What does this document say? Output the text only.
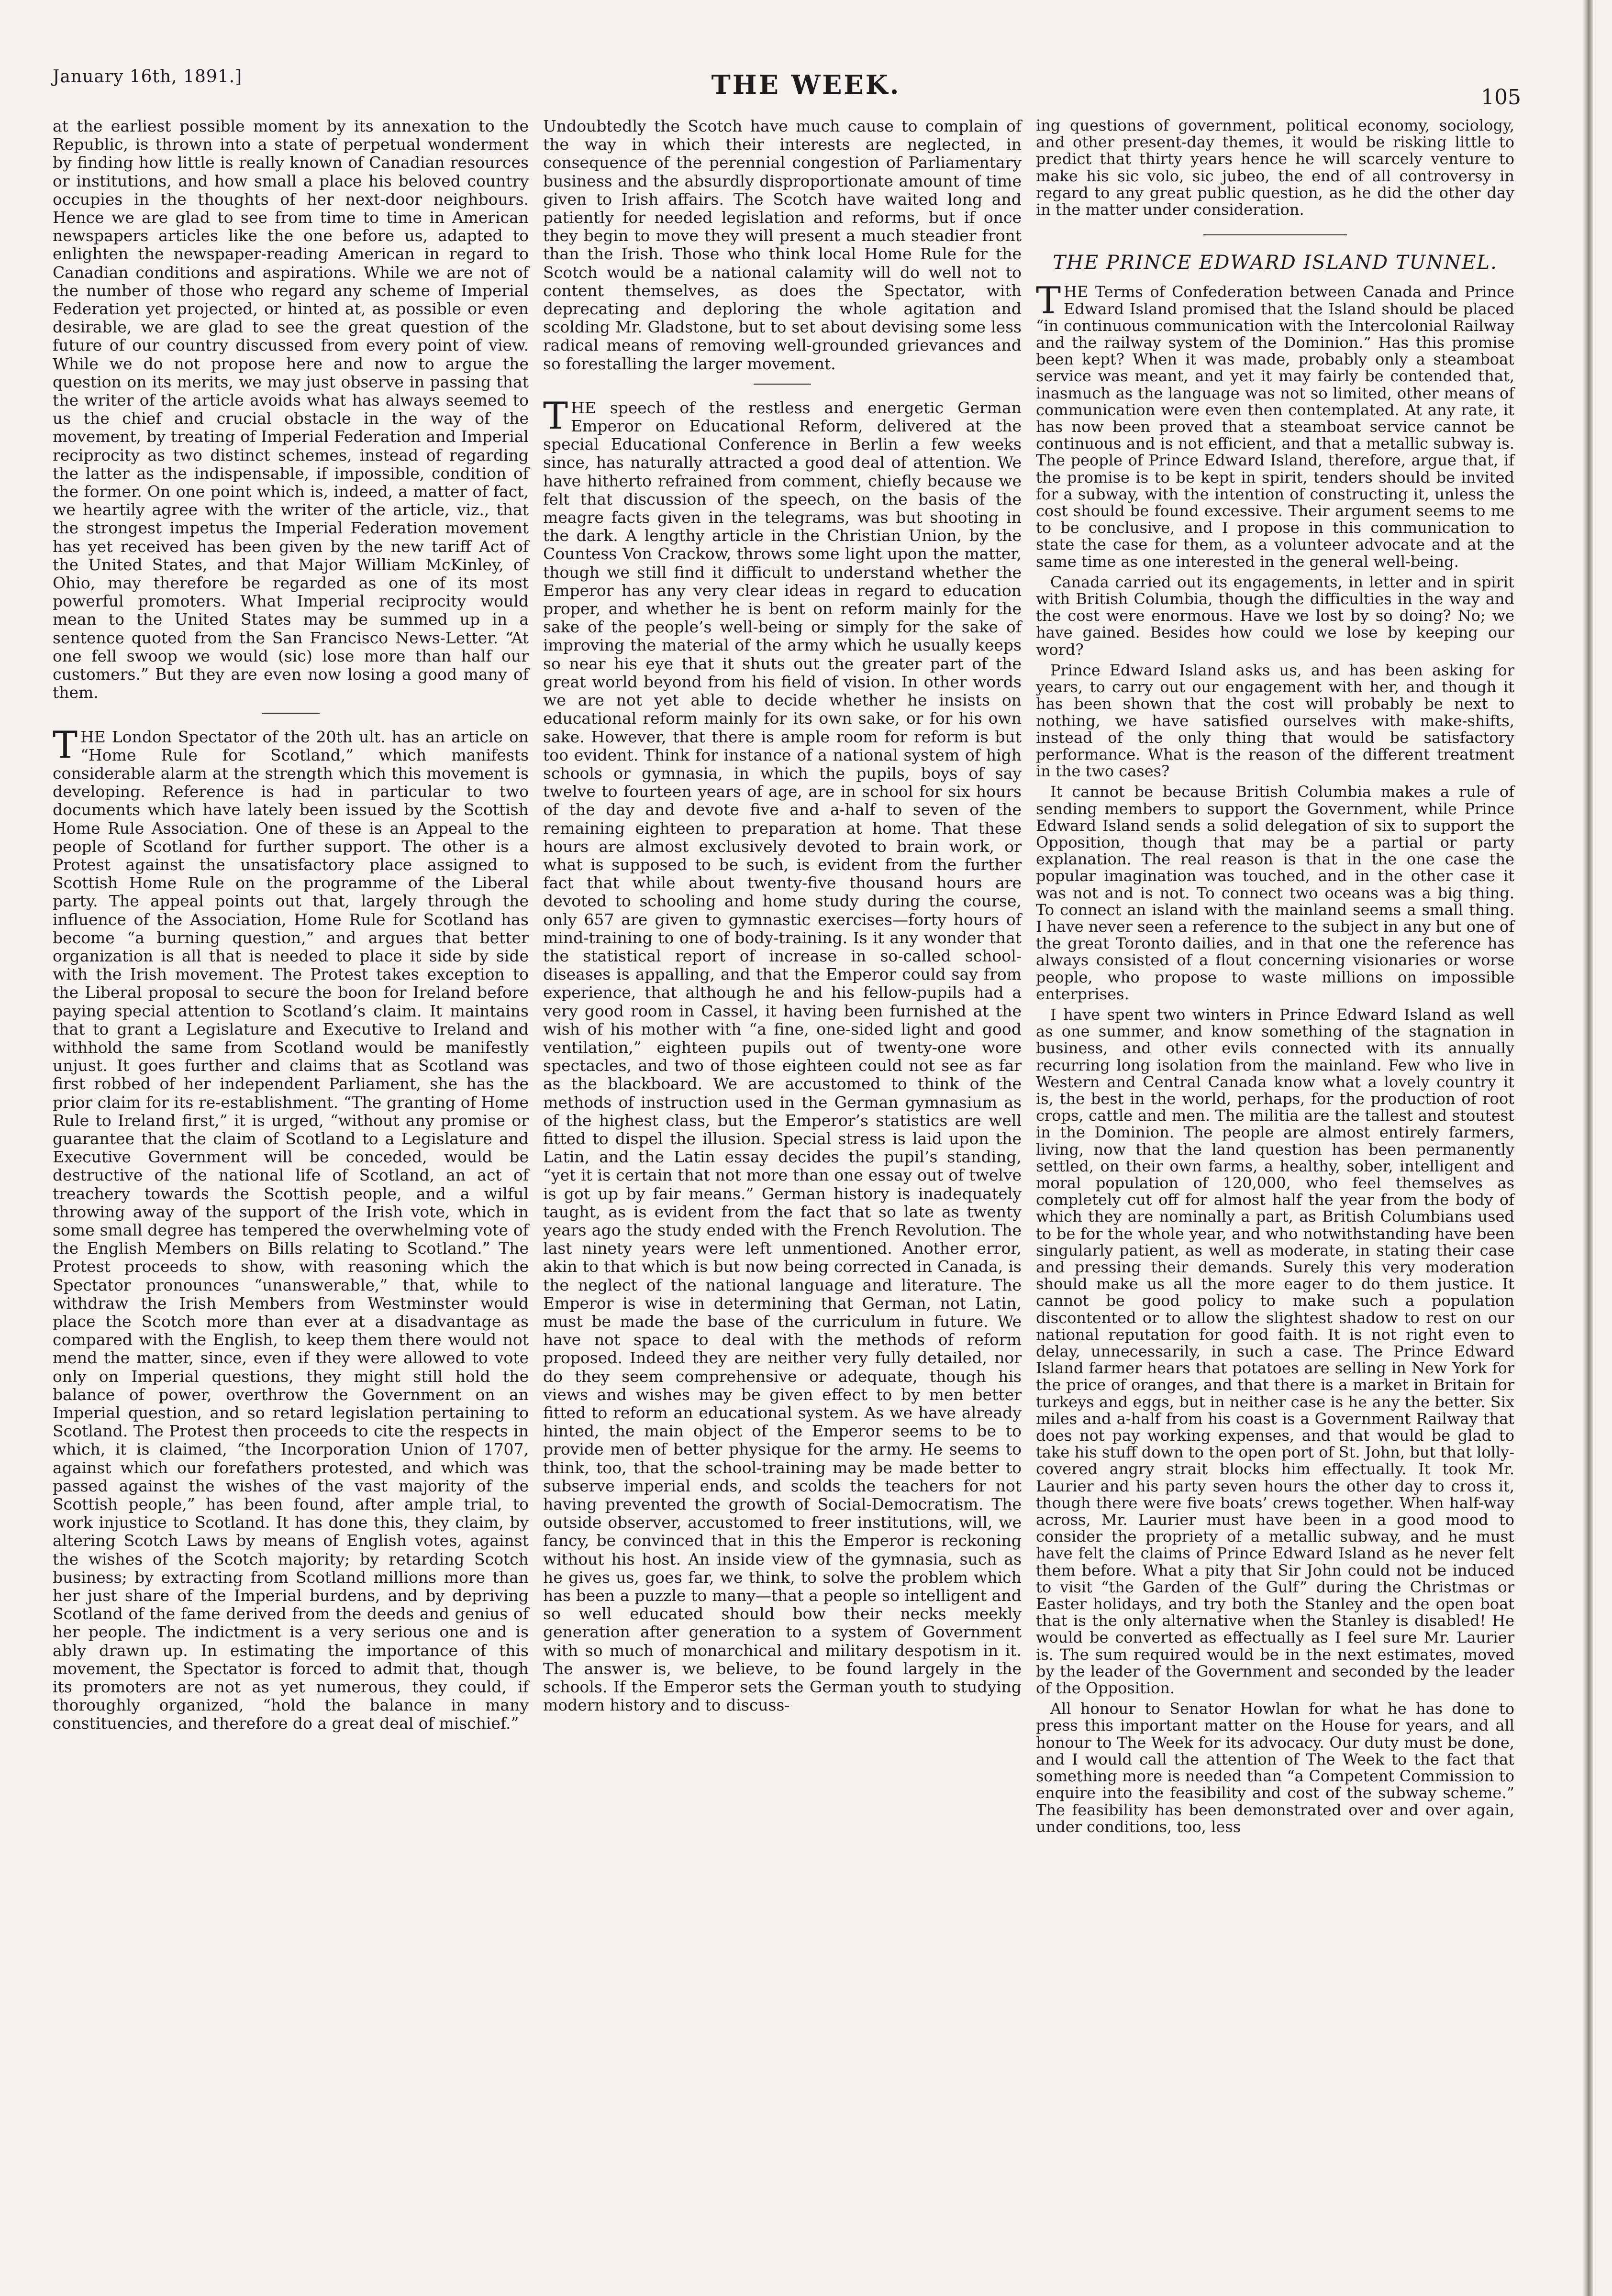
January 16th, 1891.]	THE WEEK.	105

at the earliest possible moment by its annexation to the Republic, is thrown into a state of perpetual wonderment by finding how little is really known of Canadian resources or institutions, and how small a place his beloved country occupies in the thoughts of her next-door neighbours. Hence we are glad to see from time to time in American newspapers articles like the one before us, adapted to enlighten the newspaper-reading American in regard to Canadian conditions and aspirations. While we are not of the number of those who regard any scheme of Imperial Federation yet projected, or hinted at, as possible or even desirable, we are glad to see the great question of the future of our country discussed from every point of view. While we do not propose here and now to argue the question on its merits, we may just observe in passing that the writer of the article avoids what has always seemed to us the chief and crucial obstacle in the way of the movement, by treating of Imperial Federation and Imperial reciprocity as two distinct schemes, instead of regarding the latter as the indispensable, if impossible, condition of the former. On one point which is, indeed, a matter of fact, we heartily agree with the writer of the article, viz., that the strongest impetus the Imperial Federation movement has yet received has been given by the new tariff Act of the United States, and that Major William McKinley, of Ohio, may therefore be regarded as one of its most powerful promoters. What Imperial reciprocity would mean to the United States may be summed up in a sentence quoted from the San Francisco News-Letter. “At one fell swoop we would (sic) lose more than half our customers.” But they are even now losing a good many of them.

THE London Spectator of the 20th ult. has an article on “Home Rule for Scotland,” which manifests considerable alarm at the strength which this movement is developing. Reference is had in particular to two documents which have lately been issued by the Scottish Home Rule Association. One of these is an Appeal to the people of Scotland for further support. The other is a Protest against the unsatisfactory place assigned to Scottish Home Rule on the programme of the Liberal party. The appeal points out that, largely through the influence of the Association, Home Rule for Scotland has become “a burning question,” and argues that better organization is all that is needed to place it side by side with the Irish movement. The Protest takes exception to the Liberal proposal to secure the boon for Ireland before paying special attention to Scotland’s claim. It maintains that to grant a Legislature and Executive to Ireland and withhold the same from Scotland would be manifestly unjust. It goes further and claims that as Scotland was first robbed of her independent Parliament, she has the prior claim for its re-establishment. “The granting of Home Rule to Ireland first,” it is urged, “without any promise or guarantee that the claim of Scotland to a Legislature and Executive Government will be conceded, would be destructive of the national life of Scotland, an act of treachery towards the Scottish people, and a wilful throwing away of the support of the Irish vote, which in some small degree has tempered the overwhelming vote of the English Members on Bills relating to Scotland.” The Protest proceeds to show, with reasoning which the Spectator pronounces “unanswerable,” that, while to withdraw the Irish Members from Westminster would place the Scotch more than ever at a disadvantage as compared with the English, to keep them there would not mend the matter, since, even if they were allowed to vote only on Imperial questions, they might still hold the balance of power, overthrow the Government on an Imperial question, and so retard legislation pertaining to Scotland. The Protest then proceeds to cite the respects in which, it is claimed, “the Incorporation Union of 1707, against which our forefathers protested, and which was passed against the wishes of the vast majority of the Scottish people,” has been found, after ample trial, to work injustice to Scotland. It has done this, they claim, by altering Scotch Laws by means of English votes, against the wishes of the Scotch majority; by retarding Scotch business; by extracting from Scotland millions more than her just share of the Imperial burdens, and by depriving Scotland of the fame derived from the deeds and genius of her people. The indictment is a very serious one and is ably drawn up. In estimating the importance of this movement, the Spectator is forced to admit that, though its promoters are not as yet numerous, they could, if thoroughly organized, “hold the balance in many constituencies, and therefore do a great deal of mischief.”

Undoubtedly the Scotch have much cause to complain of the way in which their interests are neglected, in consequence of the perennial congestion of Parliamentary business and the absurdly disproportionate amount of time given to Irish affairs. The Scotch have waited long and patiently for needed legislation and reforms, but if once they begin to move they will present a much steadier front than the Irish. Those who think local Home Rule for the Scotch would be a national calamity will do well not to content themselves, as does the Spectator, with deprecating and deploring the whole agitation and scolding Mr. Gladstone, but to set about devising some less radical means of removing well-grounded grievances and so forestalling the larger movement.

THE speech of the restless and energetic German Emperor on Educational Reform, delivered at the special Educational Conference in Berlin a few weeks since, has naturally attracted a good deal of attention. We have hitherto refrained from comment, chiefly because we felt that discussion of the speech, on the basis of the meagre facts given in the telegrams, was but shooting in the dark. A lengthy article in the Christian Union, by the Countess Von Crackow, throws some light upon the matter, though we still find it difficult to understand whether the Emperor has any very clear ideas in regard to education proper, and whether he is bent on reform mainly for the sake of the people’s well-being or simply for the sake of improving the material of the army which he usually keeps so near his eye that it shuts out the greater part of the great world beyond from his field of vision. In other words we are not yet able to decide whether he insists on educational reform mainly for its own sake, or for his own sake. However, that there is ample room for reform is but too evident. Think for instance of a national system of high schools or gymnasia, in which the pupils, boys of say twelve to fourteen years of age, are in school for six hours of the day and devote five and a-half to seven of the remaining eighteen to preparation at home. That these hours are almost exclusively devoted to brain work, or what is supposed to be such, is evident from the further fact that while about twenty-five thousand hours are devoted to schooling and home study during the course, only 657 are given to gymnastic exercises—forty hours of mind-training to one of body-training. Is it any wonder that the statistical report of increase in so-called school-diseases is appalling, and that the Emperor could say from experience, that although he and his fellow-pupils had a very good room in Cassel, it having been furnished at the wish of his mother with “a fine, one-sided light and good ventilation,” eighteen pupils out of twenty-one wore spectacles, and two of those eighteen could not see as far as the blackboard. We are accustomed to think of the methods of instruction used in the German gymnasium as of the highest class, but the Emperor’s statistics are well fitted to dispel the illusion. Special stress is laid upon the Latin, and the Latin essay decides the pupil’s standing, “yet it is certain that not more than one essay out of twelve is got up by fair means.” German history is inadequately taught, as is evident from the fact that so late as twenty years ago the study ended with the French Revolution. The last ninety years were left unmentioned. Another error, akin to that which is but now being corrected in Canada, is the neglect of the national language and literature. The Emperor is wise in determining that German, not Latin, must be made the base of the curriculum in future. We have not space to deal with the methods of reform proposed. Indeed they are neither very fully detailed, nor do they seem comprehensive or adequate, though his views and wishes may be given effect to by men better fitted to reform an educational system. As we have already hinted, the main object of the Emperor seems to be to provide men of better physique for the army. He seems to think, too, that the school-training may be made better to subserve imperial ends, and scolds the teachers for not having prevented the growth of Social-Democratism. The outside observer, accustomed to freer institutions, will, we fancy, be convinced that in this the Emperor is reckoning without his host. An inside view of the gymnasia, such as he gives us, goes far, we think, to solve the problem which has been a puzzle to many—that a people so intelligent and so well educated should bow their necks meekly generation after generation to a system of Government with so much of monarchical and military despotism in it. The answer is, we believe, to be found largely in the schools. If the Emperor sets the German youth to studying modern history and to discuss-

ing questions of government, political economy, sociology, and other present-day themes, it would be risking little to predict that thirty years hence he will scarcely venture to make his sic volo, sic jubeo, the end of all controversy in regard to any great public question, as he did the other day in the matter under consideration.

THE PRINCE EDWARD ISLAND TUNNEL.

THE Terms of Confederation between Canada and Prince Edward Island promised that the Island should be placed “in continuous communication with the Intercolonial Railway and the railway system of the Dominion.” Has this promise been kept? When it was made, probably only a steamboat service was meant, and yet it may fairly be contended that, inasmuch as the language was not so limited, other means of communication were even then contemplated. At any rate, it has now been proved that a steamboat service cannot be continuous and is not efficient, and that a metallic subway is. The people of Prince Edward Island, therefore, argue that, if the promise is to be kept in spirit, tenders should be invited for a subway, with the intention of constructing it, unless the cost should be found excessive. Their argument seems to me to be conclusive, and I propose in this communication to state the case for them, as a volunteer advocate and at the same time as one interested in the general well-being.

Canada carried out its engagements, in letter and in spirit with British Columbia, though the difficulties in the way and the cost were enormous. Have we lost by so doing? No; we have gained. Besides how could we lose by keeping our word?

Prince Edward Island asks us, and has been asking for years, to carry out our engagement with her, and though it has been shown that the cost will probably be next to nothing, we have satisfied ourselves with make-shifts, instead of the only thing that would be satisfactory performance. What is the reason of the different treatment in the two cases?

It cannot be because British Columbia makes a rule of sending members to support the Government, while Prince Edward Island sends a solid delegation of six to support the Opposition, though that may be a partial or party explanation. The real reason is that in the one case the popular imagination was touched, and in the other case it was not and is not. To connect two oceans was a big thing. To connect an island with the mainland seems a small thing. I have never seen a reference to the subject in any but one of the great Toronto dailies, and in that one the reference has always consisted of a flout concerning visionaries or worse people, who propose to waste millions on impossible enterprises.

I have spent two winters in Prince Edward Island as well as one summer, and know something of the stagnation in business, and other evils connected with its annually recurring long isolation from the mainland. Few who live in Western and Central Canada know what a lovely country it is, the best in the world, perhaps, for the production of root crops, cattle and men. The militia are the tallest and stoutest in the Dominion. The people are almost entirely farmers, living, now that the land question has been permanently settled, on their own farms, a healthy, sober, intelligent and moral population of 120,000, who feel themselves as completely cut off for almost half the year from the body of which they are nominally a part, as British Columbians used to be for the whole year, and who notwithstanding have been singularly patient, as well as moderate, in stating their case and pressing their demands. Surely this very moderation should make us all the more eager to do them justice. It cannot be good policy to make such a population discontented or to allow the slightest shadow to rest on our national reputation for good faith. It is not right even to delay, unnecessarily, in such a case. The Prince Edward Island farmer hears that potatoes are selling in New York for the price of oranges, and that there is a market in Britain for turkeys and eggs, but in neither case is he any the better. Six miles and a-half from his coast is a Government Railway that does not pay working expenses, and that would be glad to take his stuff down to the open port of St. John, but that lolly-covered angry strait blocks him effectually. It took Mr. Laurier and his party seven hours the other day to cross it, though there were five boats’ crews together. When half-way across, Mr. Laurier must have been in a good mood to consider the propriety of a metallic subway, and he must have felt the claims of Prince Edward Island as he never felt them before. What a pity that Sir John could not be induced to visit “the Garden of the Gulf” during the Christmas or Easter holidays, and try both the Stanley and the open boat that is the only alternative when the Stanley is disabled! He would be converted as effectually as I feel sure Mr. Laurier is. The sum required would be in the next estimates, moved by the leader of the Government and seconded by the leader of the Opposition.

All honour to Senator Howlan for what he has done to press this important matter on the House for years, and all honour to The Week for its advocacy. Our duty must be done, and I would call the attention of The Week to the fact that something more is needed than “a Competent Commission to enquire into the feasibility and cost of the subway scheme.” The feasibility has been demonstrated over and over again, under conditions, too, less
